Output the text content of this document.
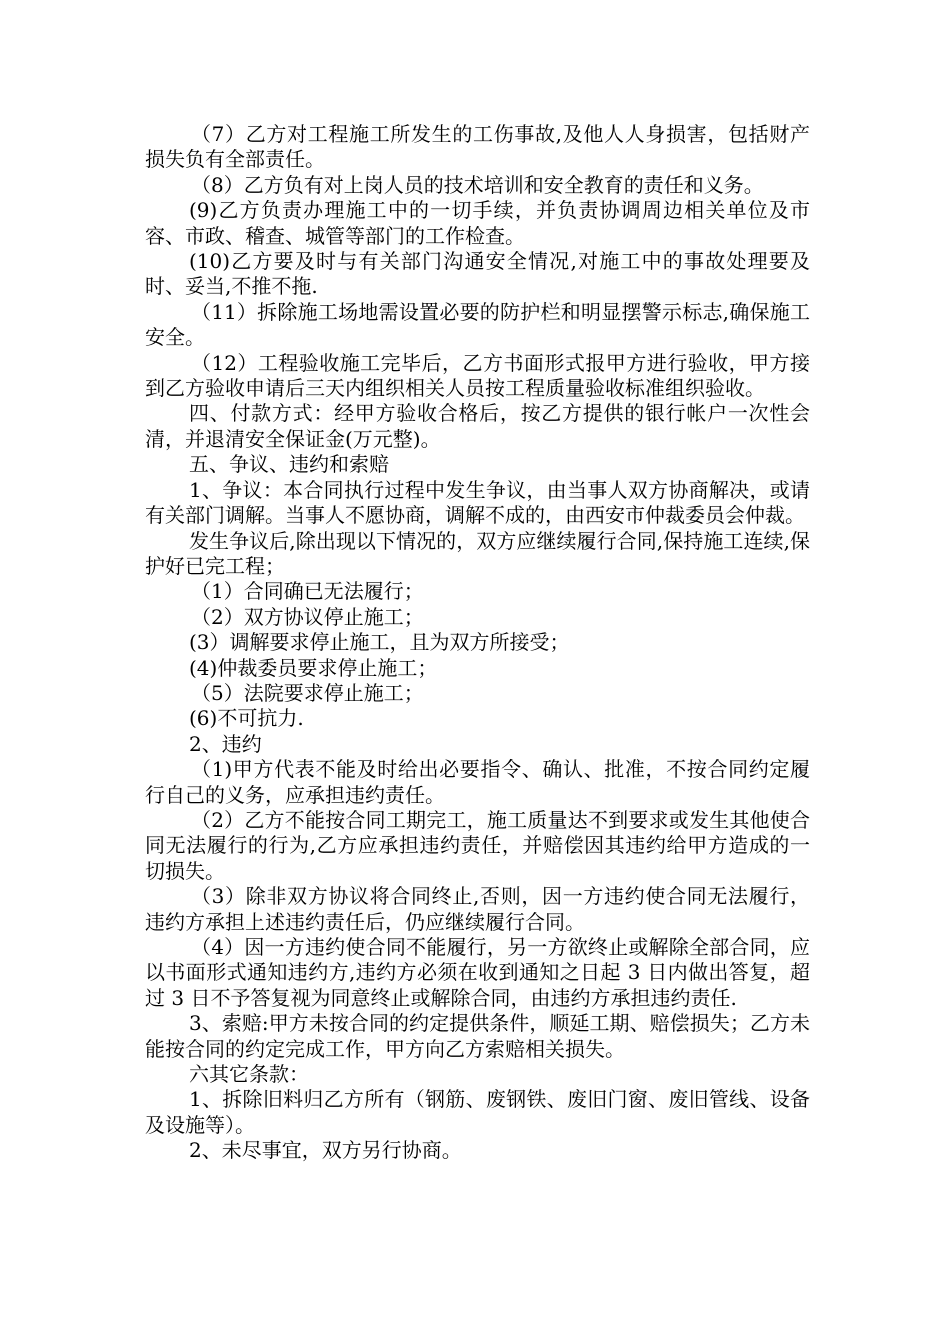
（7）乙方对工程施工所发生的工伤事故,及他人人身损害，包括财产损失负有全部责任。

（8）乙方负有对上岗人员的技术培训和安全教育的责任和义务。

(9)乙方负责办理施工中的一切手续，并负责协调周边相关单位及市容、市政、稽查、城管等部门的工作检查。

(10)乙方要及时与有关部门沟通安全情况,对施工中的事故处理要及时、妥当,不推不拖.

（11）拆除施工场地需设置必要的防护栏和明显摆警示标志,确保施工安全。

（12）工程验收施工完毕后，乙方书面形式报甲方进行验收，甲方接到乙方验收申请后三天内组织相关人员按工程质量验收标准组织验收。

四、付款方式：经甲方验收合格后，按乙方提供的银行帐户一次性会清，并退清安全保证金(万元整)。

五、争议、违约和索赔

1、争议：本合同执行过程中发生争议，由当事人双方协商解决，或请有关部门调解。当事人不愿协商，调解不成的，由西安市仲裁委员会仲裁。

发生争议后,除出现以下情况的，双方应继续履行合同,保持施工连续,保护好已完工程；

（1）合同确已无法履行；

（2）双方协议停止施工；

(3）调解要求停止施工，且为双方所接受；

(4)仲裁委员要求停止施工；

（5）法院要求停止施工；

(6)不可抗力.

2、违约

（1)甲方代表不能及时给出必要指令、确认、批准，不按合同约定履行自己的义务，应承担违约责任。

（2）乙方不能按合同工期完工，施工质量达不到要求或发生其他使合同无法履行的行为,乙方应承担违约责任，并赔偿因其违约给甲方造成的一切损失。

（3）除非双方协议将合同终止,否则，因一方违约使合同无法履行，违约方承担上述违约责任后，仍应继续履行合同。

（4）因一方违约使合同不能履行，另一方欲终止或解除全部合同，应以书面形式通知违约方,违约方必须在收到通知之日起 3 日内做出答复，超过 3 日不予答复视为同意终止或解除合同，由违约方承担违约责任.

3、索赔:甲方未按合同的约定提供条件，顺延工期、赔偿损失；乙方未能按合同的约定完成工作，甲方向乙方索赔相关损失。

六其它条款：

1、拆除旧料归乙方所有（钢筋、废钢铁、废旧门窗、废旧管线、设备及设施等）。

2、未尽事宜，双方另行协商。
